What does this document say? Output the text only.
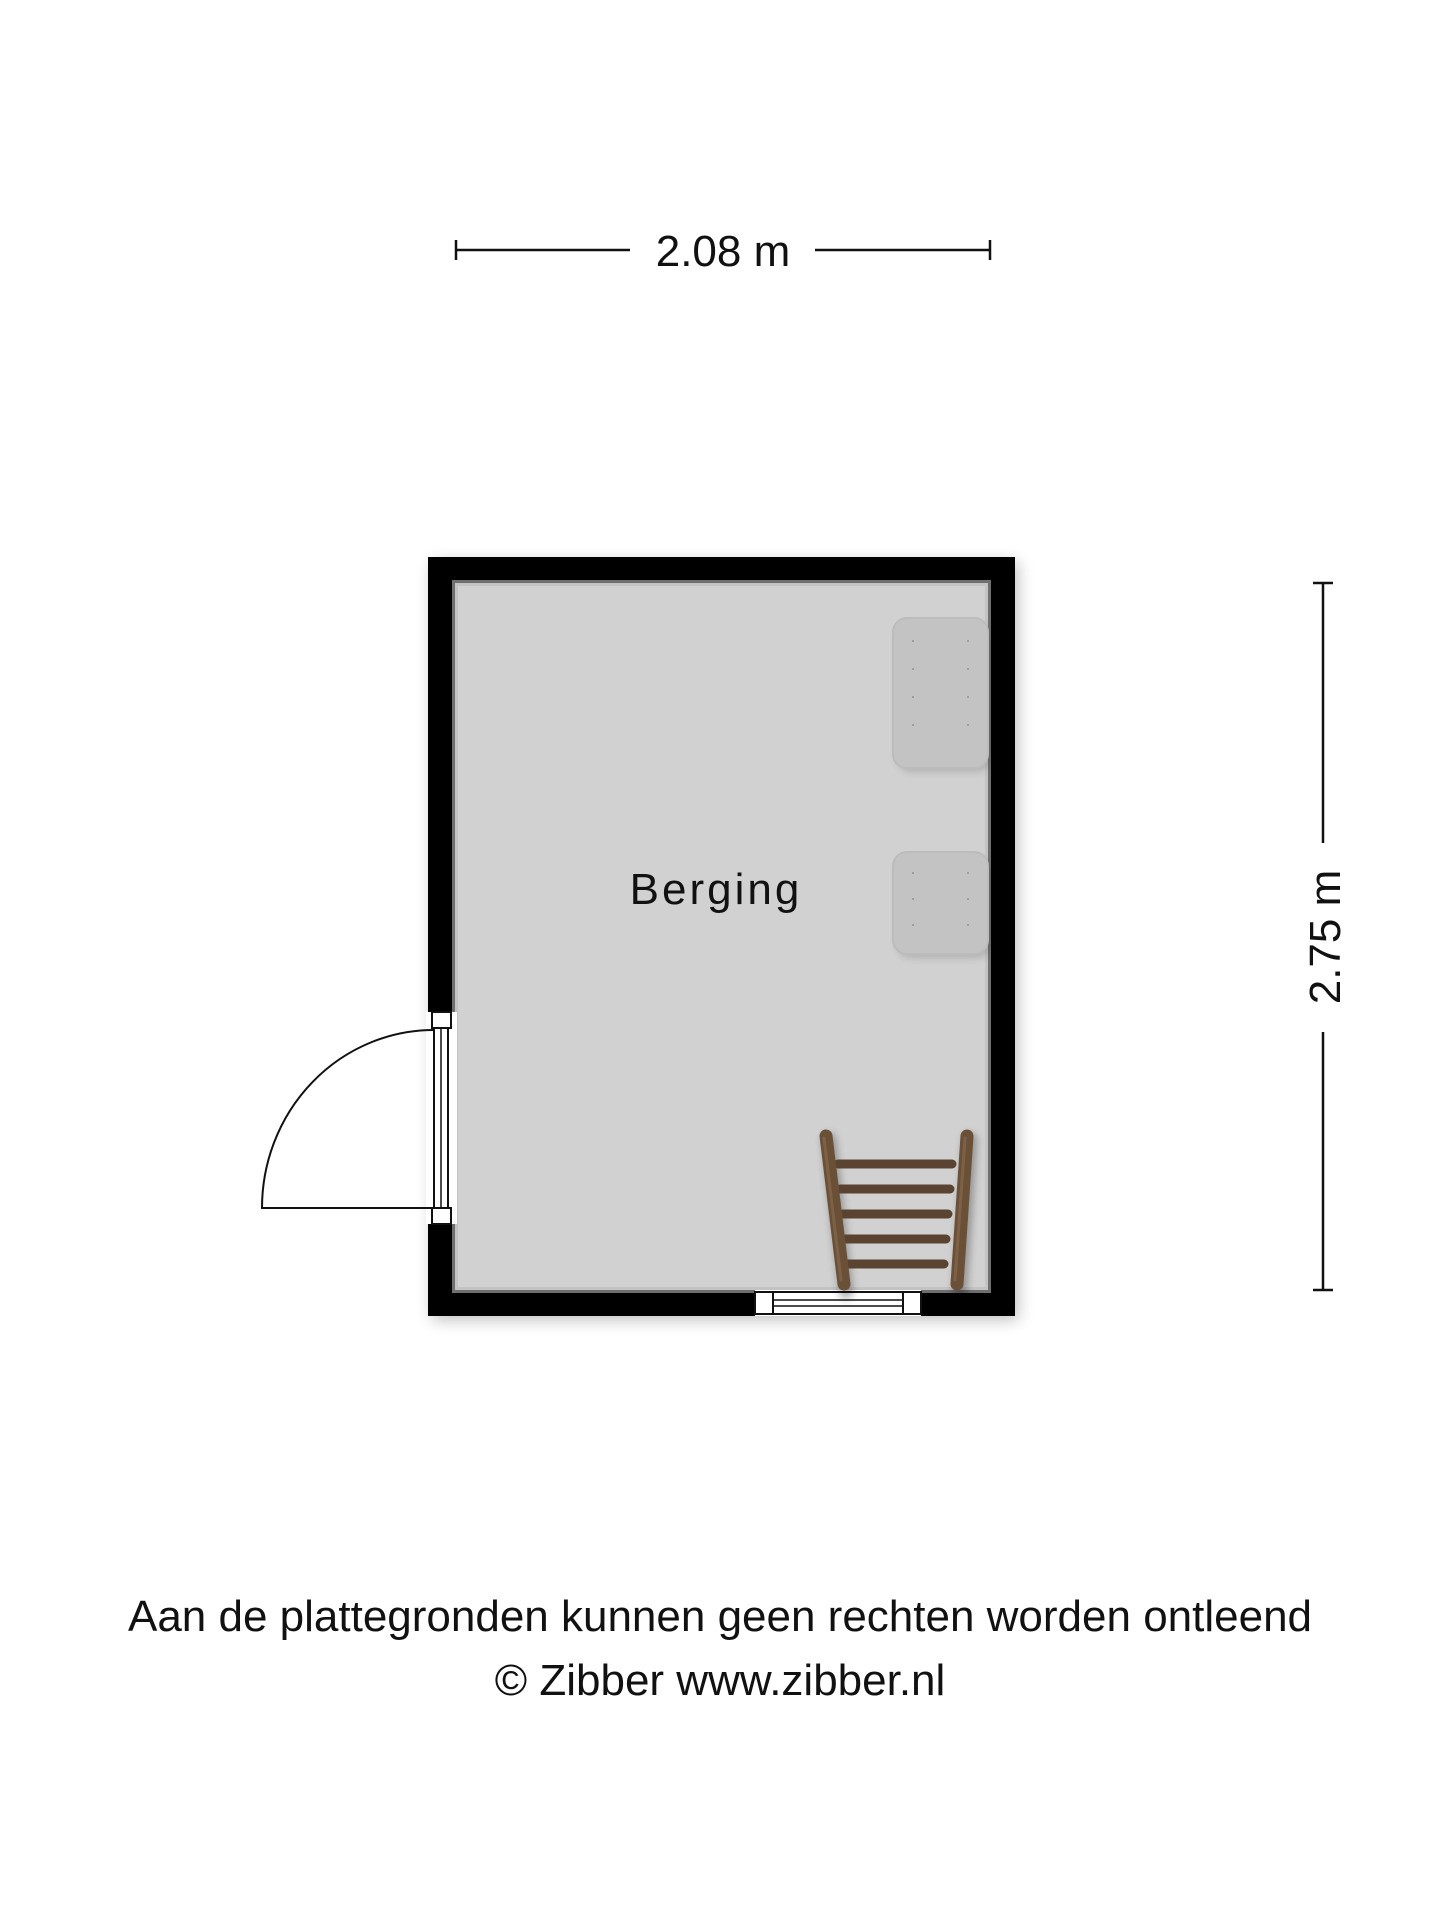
2.08 m
2.75 m
Berging
Aan de plattegronden kunnen geen rechten worden ontleend
© Zibber www.zibber.nl
